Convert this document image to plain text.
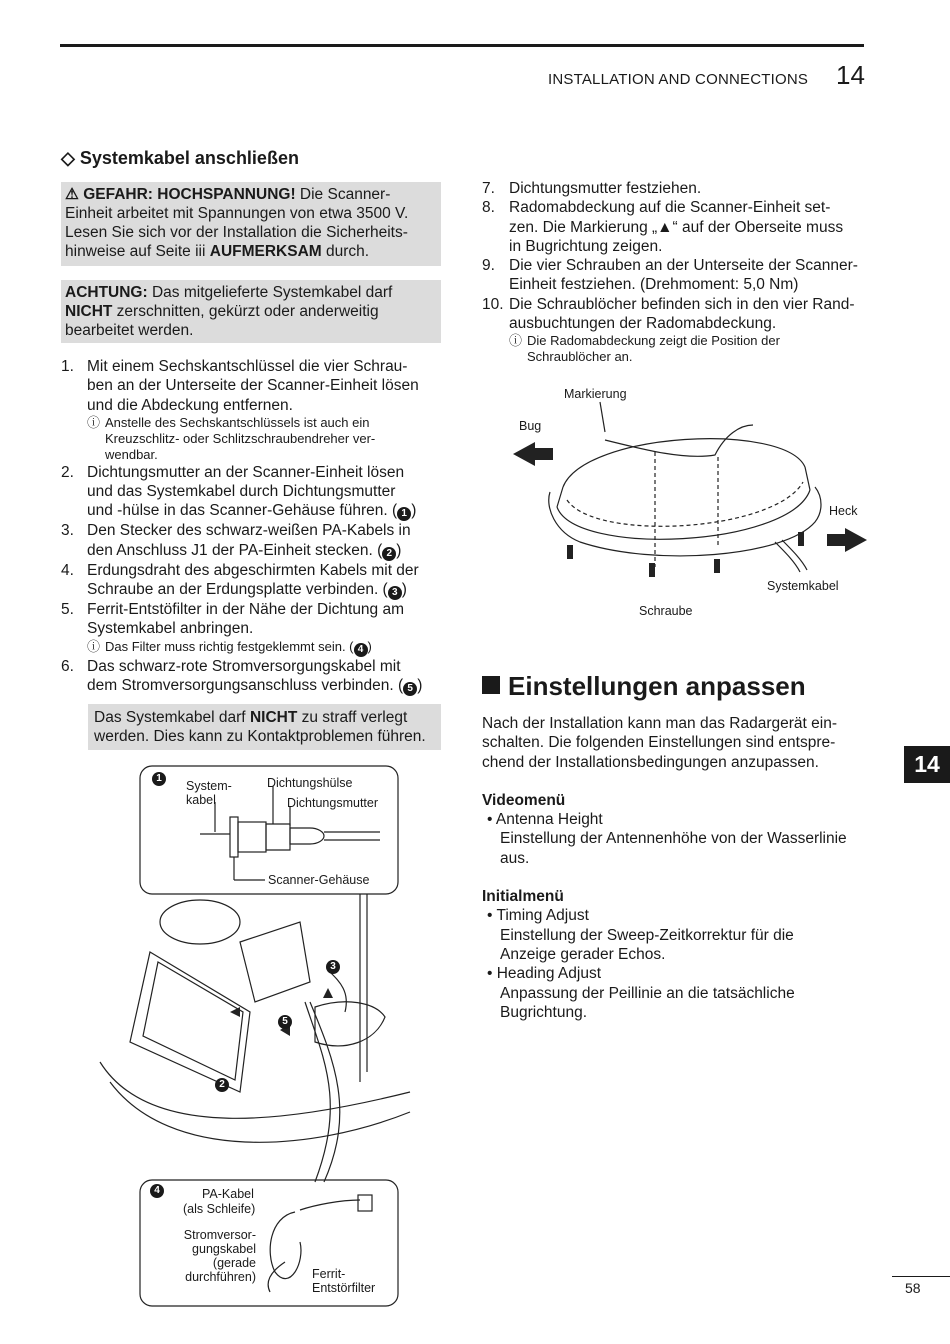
INSTALLATION AND CONNECTIONS 14
◇ Systemkabel anschließen
⚠ GEFAHR: HOCHSPANNUNG! Die Scanner-
Einheit arbeitet mit Spannungen von etwa 3500 V.
Lesen Sie sich vor der Installation die Sicherheits-
hinweise auf Seite iii AUFMERKSAM durch.
ACHTUNG: Das mitgelieferte Systemkabel darf
NICHT zerschnitten, gekürzt oder anderweitig
bearbeitet werden.
1. Mit einem Sechskantschlüssel die vier Schrau-
ben an der Unterseite der Scanner-Einheit lösen
und die Abdeckung entfernen.
ⓘ Anstelle des Sechskantschlüssels ist auch ein
Kreuzschlitz- oder Schlitzschraubendreher ver-
wendbar.
2. Dichtungsmutter an der Scanner-Einheit lösen
und das Systemkabel durch Dichtungsmutter
und -hülse in das Scanner-Gehäuse führen. ( 1 )
3. Den Stecker des schwarz-weißen PA-Kabels in
den Anschluss J1 der PA-Einheit stecken. ( 2 )
4. Erdungsdraht des abgeschirmten Kabels mit der
Schraube an der Erdungsplatte verbinden. ( 3 )
5. Ferrit-Entstöfilter in der Nähe der Dichtung am
Systemkabel anbringen.
ⓘ Das Filter muss richtig festgeklemmt sein. ( 4 )
6. Das schwarz-rote Stromversorgungskabel mit
dem Stromversorgungsanschluss verbinden. ( 5 )
Das Systemkabel darf NICHT zu straff verlegt
werden. Dies kann zu Kontaktproblemen führen.
1
System-
kabel
Dichtungshülse
Dichtungsmutter
Scanner-Gehäuse
3
5
2
4	PA-Kabel
(als Schleife)
Stromversor-
gungskabel
(gerade
durchführen)	Ferrit-
Entstörfilter
7. Dichtungsmutter festziehen.
8. Radomabdeckung auf die Scanner-Einheit set-
zen. Die Markierung „▲“ auf der Oberseite muss
in Bugrichtung zeigen.
9. Die vier Schrauben an der Unterseite der Scanner-
Einheit festziehen. (Drehmoment: 5,0 Nm)
10. Die Schraublöcher befinden sich in den vier Rand-
ausbuchtungen der Radomabdeckung.
ⓘ Die Radomabdeckung zeigt die Position der
Schraublöcher an.
Markierung
Bug
Heck
Systemkabel
Schraube
Einstellungen anpassen
Nach der Installation kann man das Radargerät ein-
schalten. Die folgenden Einstellungen sind entspre-
chend der Installationsbedingungen anzupassen.
Videomenü
• Antenna Height
Einstellung der Antennenhöhe von der Wasserlinie
aus.
Initialmenü
• Timing Adjust
Einstellung der Sweep-Zeitkorrektur für die
Anzeige gerader Echos.
• Heading Adjust
Anpassung der Peillinie an die tatsächliche
Bugrichtung.
14
58
